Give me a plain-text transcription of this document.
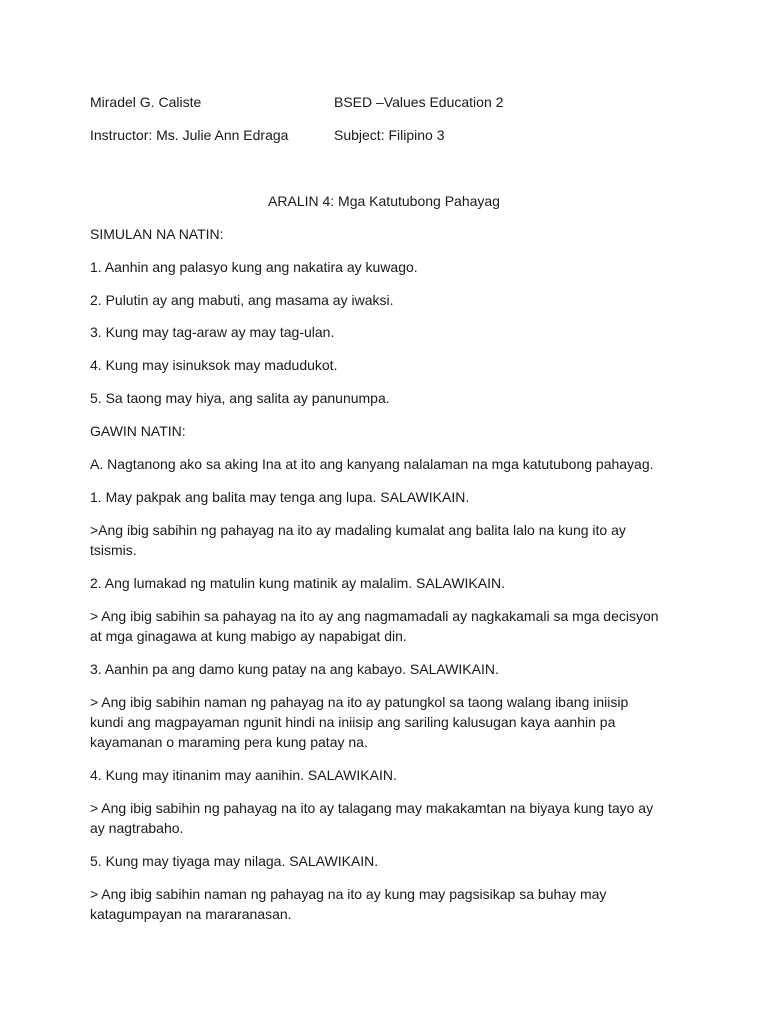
Miradel G. Caliste	BSED –Values Education 2
Instructor: Ms. Julie Ann Edraga	Subject: Filipino 3
ARALIN 4: Mga Katutubong Pahayag
SIMULAN NA NATIN:
1. Aanhin ang palasyo kung ang nakatira ay kuwago.
2. Pulutin ay ang mabuti, ang masama ay iwaksi.
3. Kung may tag-araw ay may tag-ulan.
4. Kung may isinuksok may madudukot.
5. Sa taong may hiya, ang salita ay panunumpa.
GAWIN NATIN:
A. Nagtanong ako sa aking Ina at ito ang kanyang nalalaman na mga katutubong pahayag.
1. May pakpak ang balita may tenga ang lupa. SALAWIKAIN.
>Ang ibig sabihin ng pahayag na ito ay madaling kumalat ang balita lalo na kung ito ay
tsismis.
2. Ang lumakad ng matulin kung matinik ay malalim. SALAWIKAIN.
> Ang ibig sabihin sa pahayag na ito ay ang nagmamadali ay nagkakamali sa mga decisyon
at mga ginagawa at kung mabigo ay napabigat din.
3. Aanhin pa ang damo kung patay na ang kabayo. SALAWIKAIN.
> Ang ibig sabihin naman ng pahayag na ito ay patungkol sa taong walang ibang iniisip
kundi ang magpayaman ngunit hindi na iniisip ang sariling kalusugan kaya aanhin pa
kayamanan o maraming pera kung patay na.
4. Kung may itinanim may aanihin. SALAWIKAIN.
> Ang ibig sabihin ng pahayag na ito ay talagang may makakamtan na biyaya kung tayo ay
ay nagtrabaho.
5. Kung may tiyaga may nilaga. SALAWIKAIN.
> Ang ibig sabihin naman ng pahayag na ito ay kung may pagsisikap sa buhay may
katagumpayan na mararanasan.
